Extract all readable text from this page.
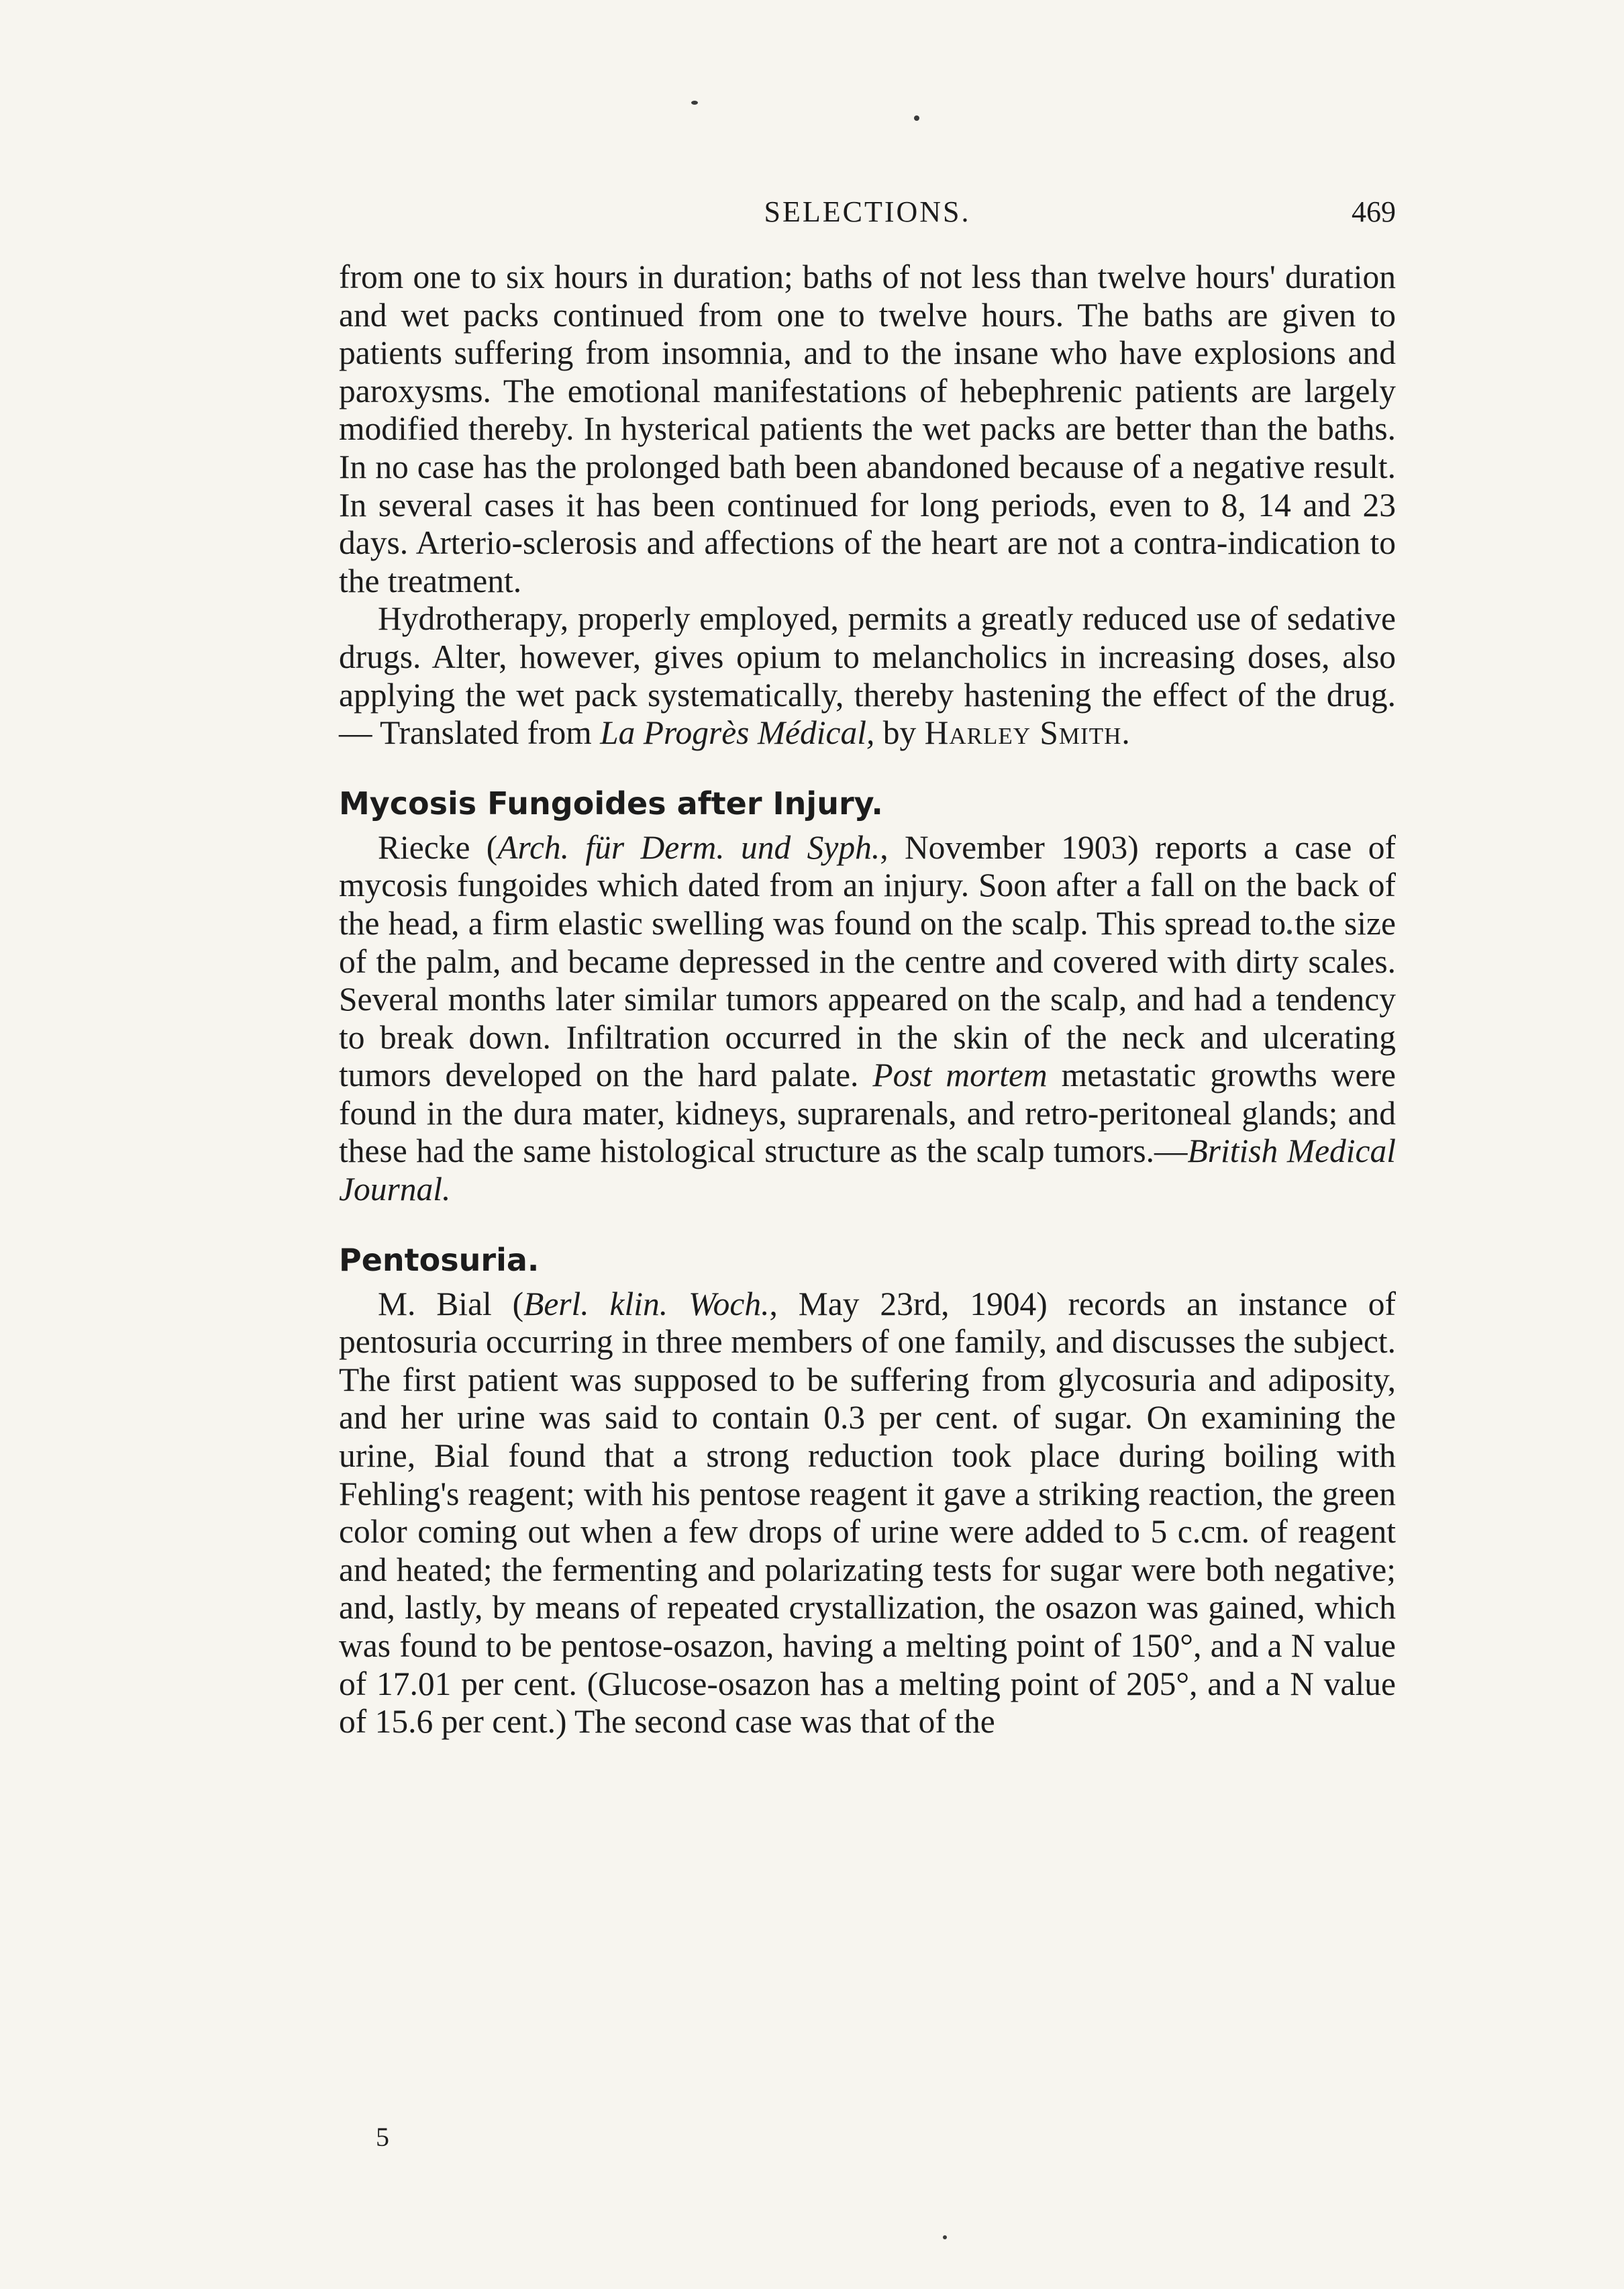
SELECTIONS.	469

from one to six hours in duration; baths of not less than twelve hours' duration and wet packs continued from one to twelve hours. The baths are given to patients suffering from insomnia, and to the insane who have explosions and paroxysms. The emotional manifestations of hebephrenic patients are largely modified thereby. In hysterical patients the wet packs are better than the baths. In no case has the prolonged bath been abandoned because of a negative result. In several cases it has been continued for long periods, even to 8, 14 and 23 days. Arterio-sclerosis and affections of the heart are not a contra-indication to the treatment.

Hydrotherapy, properly employed, permits a greatly reduced use of sedative drugs. Alter, however, gives opium to melancholics in increasing doses, also applying the wet pack systematically, thereby hastening the effect of the drug.— Translated from La Progrès Médical, by Harley Smith.

Mycosis Fungoides after Injury.

Riecke (Arch. für Derm. und Syph., November 1903) reports a case of mycosis fungoides which dated from an injury. Soon after a fall on the back of the head, a firm elastic swelling was found on the scalp. This spread to the size of the palm, and became depressed in the centre and covered with dirty scales. Several months later similar tumors appeared on the scalp, and had a tendency to break down. Infiltration occurred in the skin of the neck and ulcerating tumors developed on the hard palate. Post mortem metastatic growths were found in the dura mater, kidneys, suprarenals, and retro-peritoneal glands; and these had the same histological structure as the scalp tumors.—British Medical Journal.

Pentosuria.

M. Bial (Berl. klin. Woch., May 23rd, 1904) records an instance of pentosuria occurring in three members of one family, and discusses the subject. The first patient was supposed to be suffering from glycosuria and adiposity, and her urine was said to contain 0.3 per cent. of sugar. On examining the urine, Bial found that a strong reduction took place during boiling with Fehling's reagent; with his pentose reagent it gave a striking reaction, the green color coming out when a few drops of urine were added to 5 c.cm. of reagent and heated; the fermenting and polarizating tests for sugar were both negative; and, lastly, by means of repeated crystallization, the osazon was gained, which was found to be pentose-osazon, having a melting point of 150°, and a N value of 17.01 per cent. (Glucose-osazon has a melting point of 205°, and a N value of 15.6 per cent.) The second case was that of the

5
